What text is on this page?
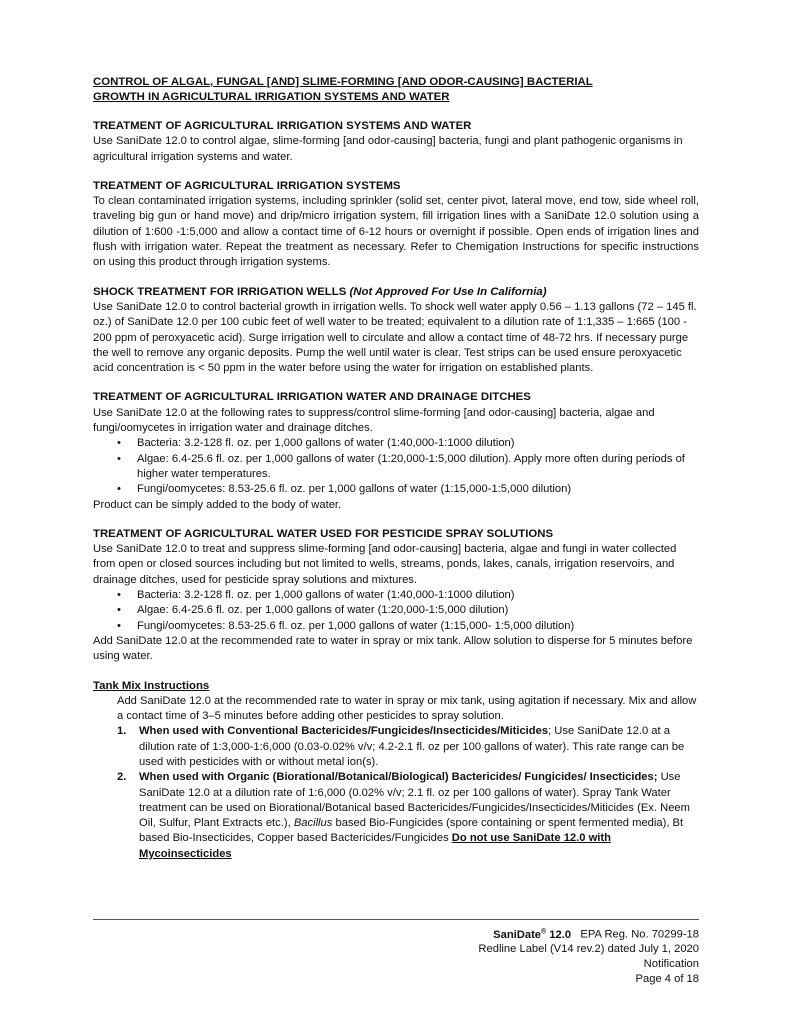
CONTROL OF ALGAL, FUNGAL [AND] SLIME-FORMING [AND ODOR-CAUSING] BACTERIAL
GROWTH IN AGRICULTURAL IRRIGATION SYSTEMS AND WATER
TREATMENT OF AGRICULTURAL IRRIGATION SYSTEMS AND WATER

Use SaniDate 12.0 to control algae, slime-forming [and odor-causing] bacteria, fungi and plant pathogenic organisms in agricultural irrigation systems and water.

TREATMENT OF AGRICULTURAL IRRIGATION SYSTEMS

To clean contaminated irrigation systems, including sprinkler (solid set, center pivot, lateral move, end tow, side wheel roll, traveling big gun or hand move) and drip/micro irrigation system, fill irrigation lines with a SaniDate 12.0 solution using a dilution of 1:600 -1:5,000 and allow a contact time of 6-12 hours or overnight if possible. Open ends of irrigation lines and flush with irrigation water. Repeat the treatment as necessary. Refer to Chemigation Instructions for specific instructions on using this product through irrigation systems.

SHOCK TREATMENT FOR IRRIGATION WELLS (Not Approved For Use In California)

Use SaniDate 12.0 to control bacterial growth in irrigation wells. To shock well water apply 0.56 – 1.13 gallons (72 – 145 fl. oz.) of SaniDate 12.0 per 100 cubic feet of well water to be treated; equivalent to a dilution rate of 1:1,335 – 1:665 (100 - 200 ppm of peroxyacetic acid). Surge irrigation well to circulate and allow a contact time of 48-72 hrs. If necessary purge the well to remove any organic deposits. Pump the well until water is clear. Test strips can be used ensure peroxyacetic acid concentration is < 50 ppm in the water before using the water for irrigation on established plants.

TREATMENT OF AGRICULTURAL IRRIGATION WATER AND DRAINAGE DITCHES

Use SaniDate 12.0 at the following rates to suppress/control slime-forming [and odor-causing] bacteria, algae and fungi/oomycetes in irrigation water and drainage ditches.

• Bacteria: 3.2-128 fl. oz. per 1,000 gallons of water (1:40,000-1:1000 dilution)
• Algae: 6.4-25.6 fl. oz. per 1,000 gallons of water (1:20,000-1:5,000 dilution). Apply more often during periods of higher water temperatures.
• Fungi/oomycetes: 8.53-25.6 fl. oz. per 1,000 gallons of water (1:15,000-1:5,000 dilution)

Product can be simply added to the body of water.

TREATMENT OF AGRICULTURAL WATER USED FOR PESTICIDE SPRAY SOLUTIONS

Use SaniDate 12.0 to treat and suppress slime-forming [and odor-causing] bacteria, algae and fungi in water collected from open or closed sources including but not limited to wells, streams, ponds, lakes, canals, irrigation reservoirs, and drainage ditches, used for pesticide spray solutions and mixtures.

• Bacteria: 3.2-128 fl. oz. per 1,000 gallons of water (1:40,000-1:1000 dilution)
• Algae: 6.4-25.6 fl. oz. per 1,000 gallons of water (1:20,000-1:5,000 dilution)
• Fungi/oomycetes: 8.53-25.6 fl. oz. per 1,000 gallons of water (1:15,000- 1:5,000 dilution)

Add SaniDate 12.0 at the recommended rate to water in spray or mix tank. Allow solution to disperse for 5 minutes before using water.

Tank Mix Instructions

Add SaniDate 12.0 at the recommended rate to water in spray or mix tank, using agitation if necessary. Mix and allow a contact time of 3–5 minutes before adding other pesticides to spray solution.

1. When used with Conventional Bactericides/Fungicides/Insecticides/Miticides; Use SaniDate 12.0 at a dilution rate of 1:3,000-1:6,000 (0.03-0.02% v/v; 4.2-2.1 fl. oz per 100 gallons of water). This rate range can be used with pesticides with or without metal ion(s).
2. When used with Organic (Biorational/Botanical/Biological) Bactericides/ Fungicides/ Insecticides; Use SaniDate 12.0 at a dilution rate of 1:6,000 (0.02% v/v; 2.1 fl. oz per 100 gallons of water). Spray Tank Water treatment can be used on Biorational/Botanical based Bactericides/Fungicides/Insecticides/Miticides (Ex. Neem Oil, Sulfur, Plant Extracts etc.), Bacillus based Bio-Fungicides (spore containing or spent fermented media), Bt based Bio-Insecticides, Copper based Bactericides/Fungicides Do not use SaniDate 12.0 with Mycoinsecticides
SaniDate® 12.0 EPA Reg. No. 70299-18
Redline Label (V14 rev.2) dated July 1, 2020
Notification
Page 4 of 18
